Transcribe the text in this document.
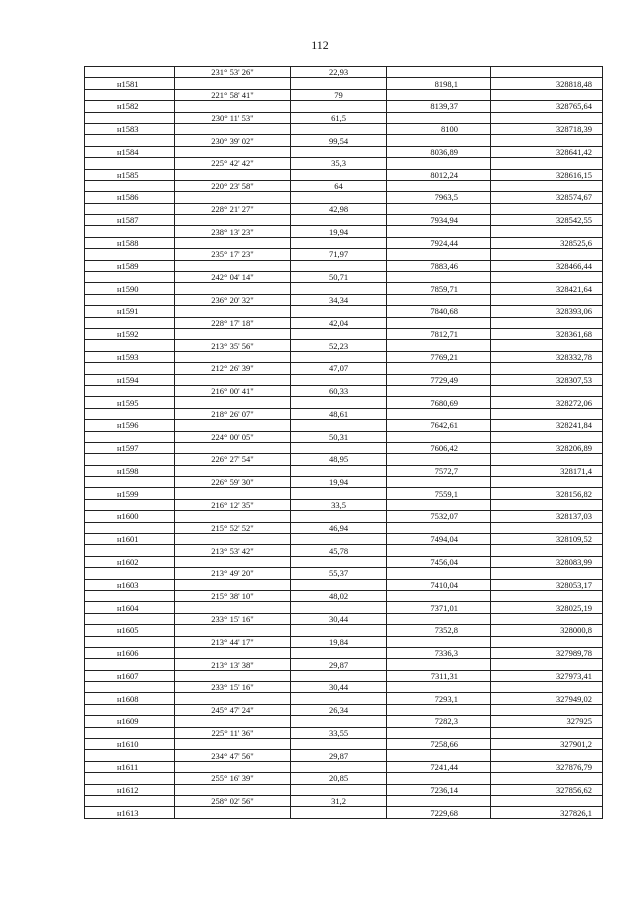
112
	231° 53' 26"	22,93		
н1581			8198,1	328818,48
	221° 58' 41"	79		
н1582			8139,37	328765,64
	230° 11' 53"	61,5		
н1583			8100	328718,39
	230° 39' 02"	99,54		
н1584			8036,89	328641,42
	225° 42' 42"	35,3		
н1585			8012,24	328616,15
	220° 23' 58"	64		
н1586			7963,5	328574,67
	228° 21' 27"	42,98		
н1587			7934,94	328542,55
	238° 13' 23"	19,94		
н1588			7924,44	328525,6
	235° 17' 23"	71,97		
н1589			7883,46	328466,44
	242° 04' 14"	50,71		
н1590			7859,71	328421,64
	236° 20' 32"	34,34		
н1591			7840,68	328393,06
	228° 17' 18"	42,04		
н1592			7812,71	328361,68
	213° 35' 56"	52,23		
н1593			7769,21	328332,78
	212° 26' 39"	47,07		
н1594			7729,49	328307,53
	216° 00' 41"	60,33		
н1595			7680,69	328272,06
	218° 26' 07"	48,61		
н1596			7642,61	328241,84
	224° 00' 05"	50,31		
н1597			7606,42	328206,89
	226° 27' 54"	48,95		
н1598			7572,7	328171,4
	226° 59' 30"	19,94		
н1599			7559,1	328156,82
	216° 12' 35"	33,5		
н1600			7532,07	328137,03
	215° 52' 52"	46,94		
н1601			7494,04	328109,52
	213° 53' 42"	45,78		
н1602			7456,04	328083,99
	213° 49' 20"	55,37		
н1603			7410,04	328053,17
	215° 38' 10"	48,02		
н1604			7371,01	328025,19
	233° 15' 16"	30,44		
н1605			7352,8	328000,8
	213° 44' 17"	19,84		
н1606			7336,3	327989,78
	213° 13' 38"	29,87		
н1607			7311,31	327973,41
	233° 15' 16"	30,44		
н1608			7293,1	327949,02
	245° 47' 24"	26,34		
н1609			7282,3	327925
	225° 11' 36"	33,55		
н1610			7258,66	327901,2
	234° 47' 56"	29,87		
н1611			7241,44	327876,79
	255° 16' 39"	20,85		
н1612			7236,14	327856,62
	258° 02' 56"	31,2		
н1613			7229,68	327826,1
